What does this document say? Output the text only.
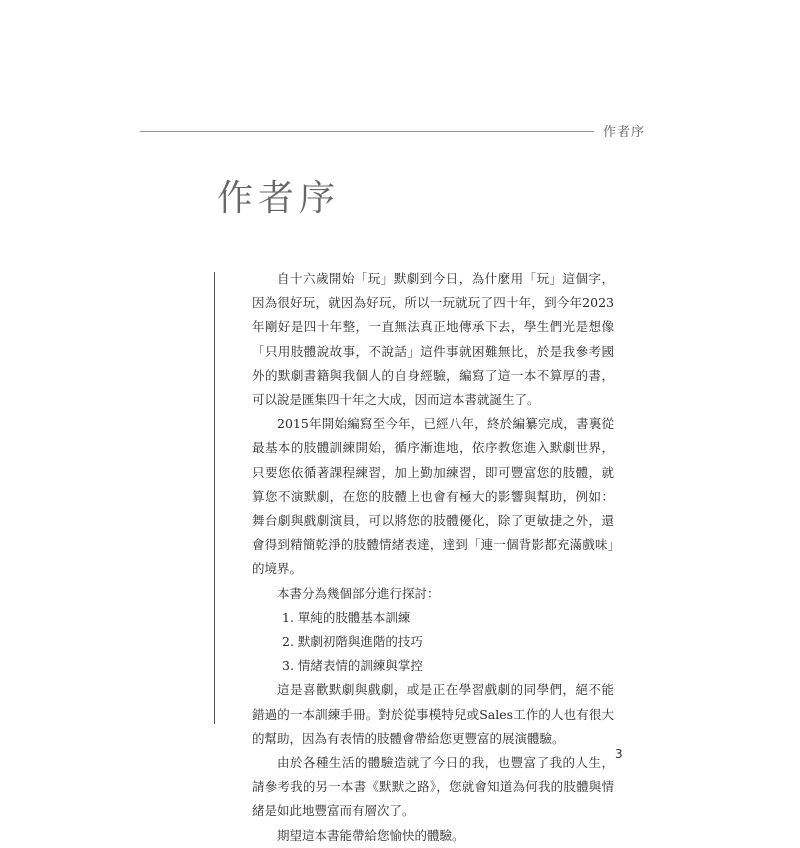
作者序
作者序

自十六歲開始「玩」默劇到今日，為什麼用「玩」這個字，因為很好玩，就因為好玩，所以一玩就玩了四十年，到今年2023年剛好是四十年整，一直無法真正地傳承下去，學生們光是想像「只用肢體說故事，不說話」這件事就困難無比，於是我參考國外的默劇書籍與我個人的自身經驗，編寫了這一本不算厚的書，可以說是匯集四十年之大成，因而這本書就誕生了。

2015年開始編寫至今年，已經八年，終於編纂完成，書裏從最基本的肢體訓練開始，循序漸進地，依序教您進入默劇世界，只要您依循著課程練習，加上勤加練習，即可豐富您的肢體，就算您不演默劇，在您的肢體上也會有極大的影響與幫助，例如：舞台劇與戲劇演員，可以將您的肢體優化，除了更敏捷之外，還會得到精簡乾淨的肢體情緒表達，達到「連一個背影都充滿戲味」的境界。

本書分為幾個部分進行探討：

1. 單純的肢體基本訓練

2. 默劇初階與進階的技巧

3. 情緒表情的訓練與掌控

這是喜歡默劇與戲劇，或是正在學習戲劇的同學們，絕不能錯過的一本訓練手冊。對於從事模特兒或Sales工作的人也有很大的幫助，因為有表情的肢體會帶給您更豐富的展演體驗。

由於各種生活的體驗造就了今日的我，也豐富了我的人生，請參考我的另一本書《默默之路》，您就會知道為何我的肢體與情緒是如此地豐富而有層次了。

期望這本書能帶給您愉快的體驗。

3
